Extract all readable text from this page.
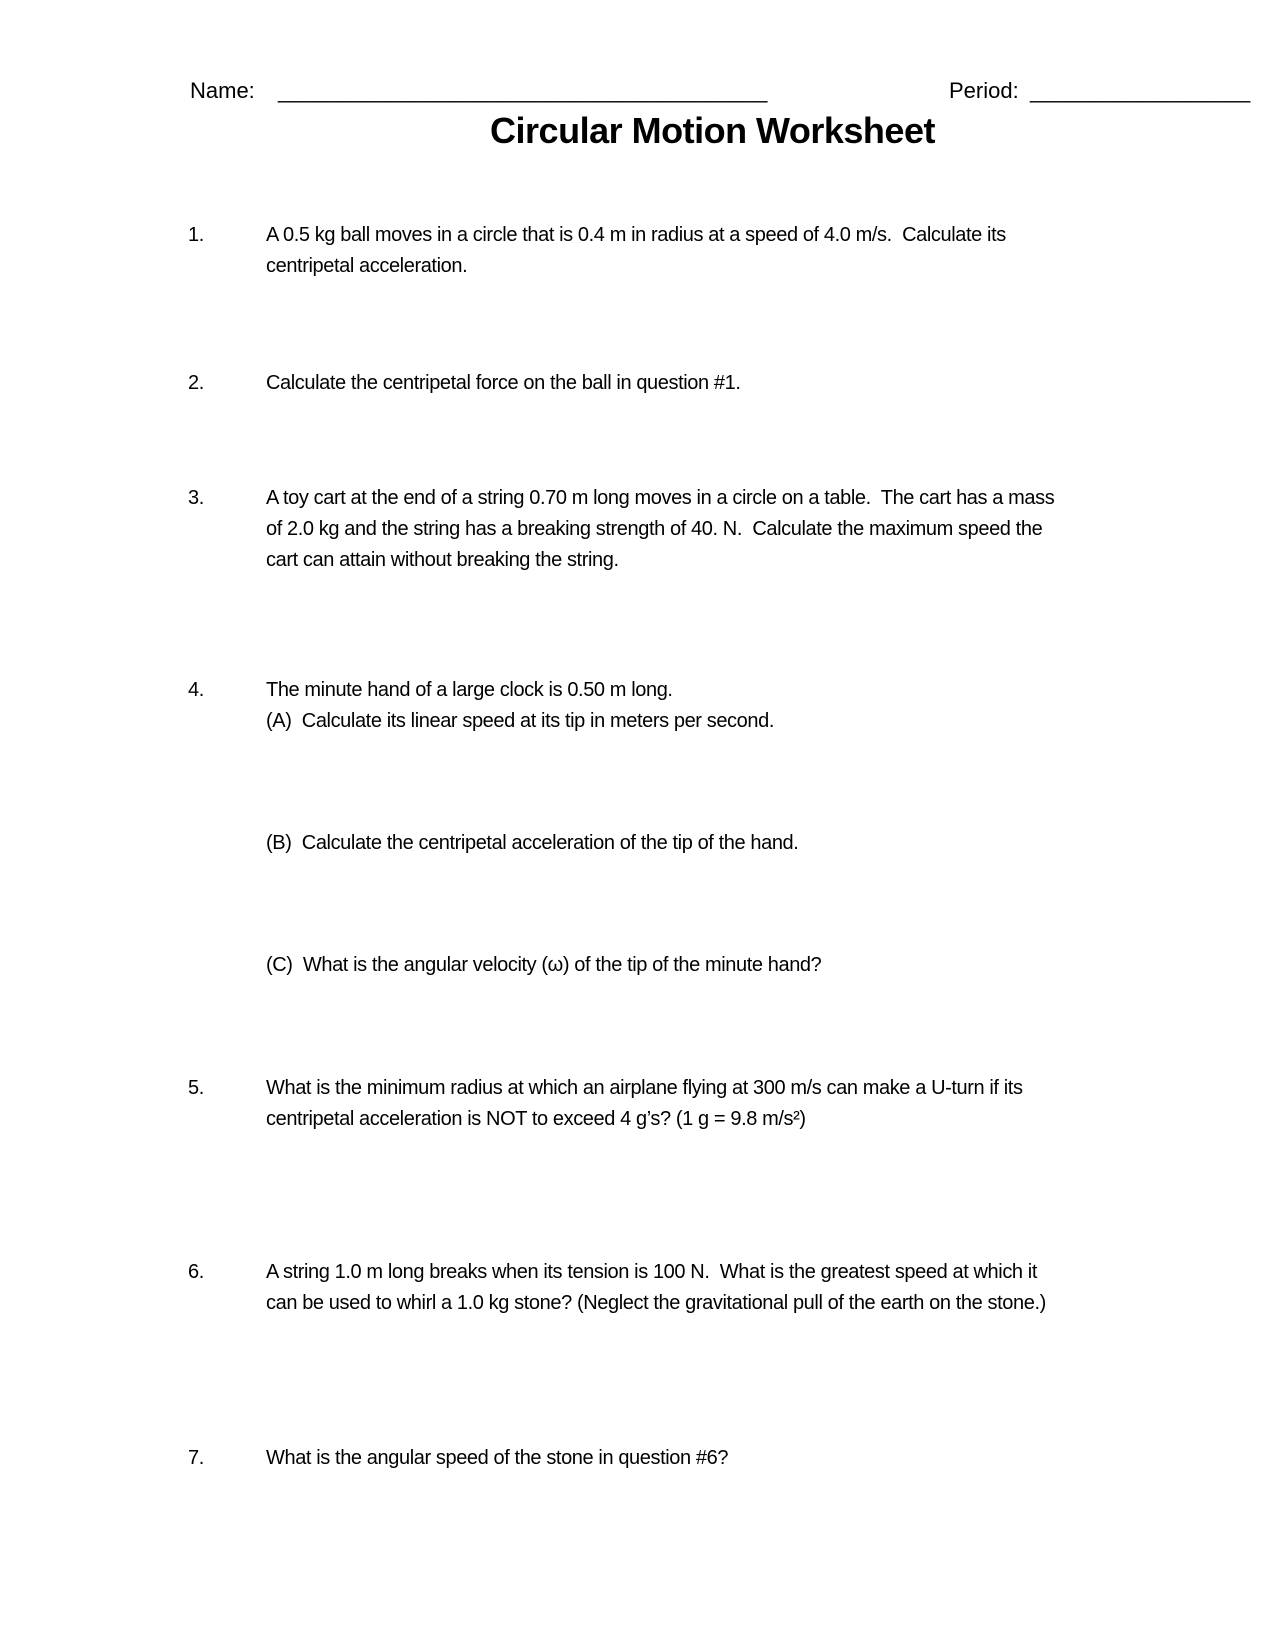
Name: ________________________________________	Period: __________________
Circular Motion Worksheet
1.	A 0.5 kg ball moves in a circle that is 0.4 m in radius at a speed of 4.0 m/s.  Calculate its
centripetal acceleration.
2.	Calculate the centripetal force on the ball in question #1.
3.	A toy cart at the end of a string 0.70 m long moves in a circle on a table.  The cart has a mass
of 2.0 kg and the string has a breaking strength of 40. N.  Calculate the maximum speed the
cart can attain without breaking the string.
4.	The minute hand of a large clock is 0.50 m long.
(A)  Calculate its linear speed at its tip in meters per second.
(B)  Calculate the centripetal acceleration of the tip of the hand.
(C)  What is the angular velocity (ω) of the tip of the minute hand?
5.	What is the minimum radius at which an airplane flying at 300 m/s can make a U-turn if its
centripetal acceleration is NOT to exceed 4 g’s? (1 g = 9.8 m/s²)
6.	A string 1.0 m long breaks when its tension is 100 N.  What is the greatest speed at which it
can be used to whirl a 1.0 kg stone? (Neglect the gravitational pull of the earth on the stone.)
7.	What is the angular speed of the stone in question #6?
